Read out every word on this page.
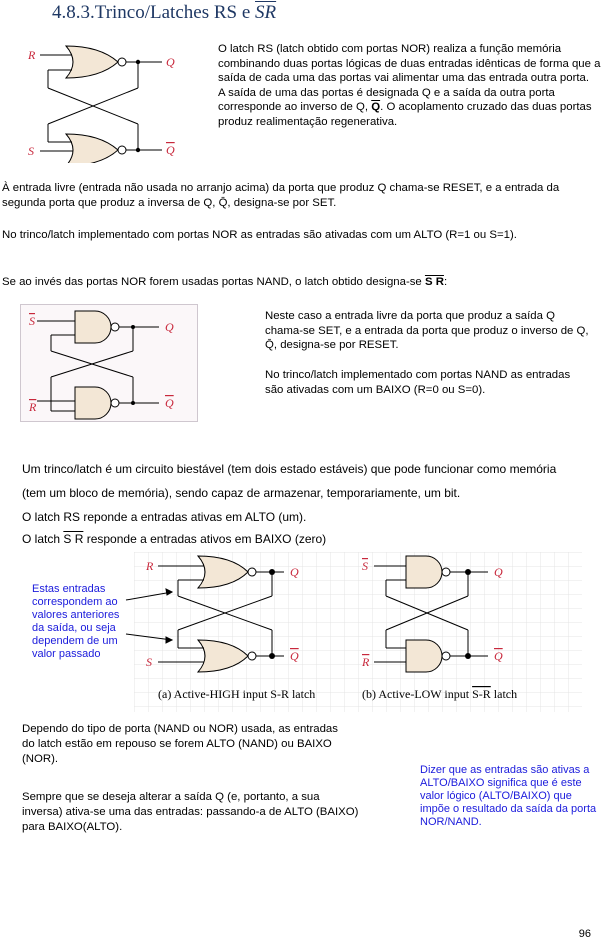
4.8.3.Trinco/Latches RS e $\overline{SR}$
R
S
Q
Q
O latch RS (latch obtido com portas NOR) realiza a função memória combinando duas portas lógicas de duas entradas idênticas de forma que a saída de cada uma das portas vai alimentar uma das entrada outra porta.
A saída de uma das portas é designada Q e a saída da outra porta corresponde ao inverso de Q, $\overline{Q}$. O acoplamento cruzado das duas portas produz realimentação regenerativa.
À entrada livre (entrada não usada no arranjo acima) da porta que produz Q chama-se RESET, e a entrada da segunda porta que produz a inversa de Q, Q̄, designa-se por SET.
No trinco/latch implementado com portas NOR as entradas são ativadas com um ALTO (R=1 ou S=1).
Se ao invés das portas NOR forem usadas portas NAND, o latch obtido designa-se S R:
S
R
Q
Q
Neste caso a entrada livre da porta que produz a saída Q chama-se SET, e a entrada da porta que produz o inverso de Q, Q̄, designa-se por RESET.
No trinco/latch implementado com portas NAND as entradas são ativadas com um BAIXO (R=0 ou S=0).
Um trinco/latch é um circuito biestável (tem dois estado estáveis) que pode funcionar como memória
(tem um bloco de memória), sendo capaz de armazenar, temporariamente, um bit.
O latch RS reponde a entradas ativas em ALTO (um).
O latch S R responde a entradas ativos em BAIXO (zero)
R
S
Q
Q
S
R
Q
Q
(a) Active-HIGH input S-R latch	(b) Active-LOW input S-R latch
Estas entradas correspondem ao valores anteriores da saída, ou seja dependem de um valor passado
Dependo do tipo de porta (NAND ou NOR) usada, as entradas do latch estão em repouso se forem ALTO (NAND) ou BAIXO (NOR).
Sempre que se deseja alterar a saída Q (e, portanto, a sua inversa) ativa-se uma das entradas: passando-a de ALTO (BAIXO) para BAIXO(ALTO).
Dizer que as entradas são ativas a ALTO/BAIXO significa que é este valor lógico (ALTO/BAIXO) que impõe o resultado da saída da porta NOR/NAND.
96
